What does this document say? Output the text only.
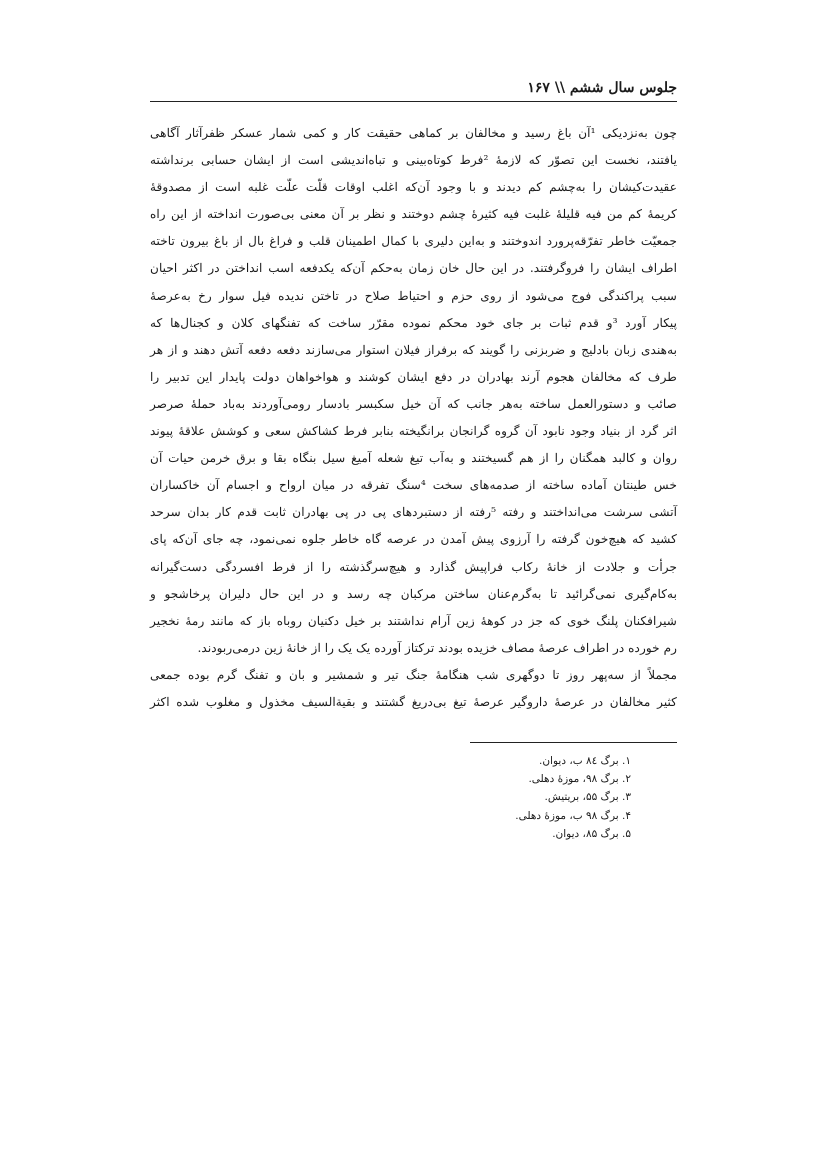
جلوس سال ششم \\ ۱۶۷

چون به‌نزدیکی ¹آن باغ رسید و مخالفان بر کماهی حقیقت کار و کمی شمار عسکر ظفرآثار آگاهی
یافتند، نخست این تصوّر که لازمهٔ ²فرط کوتاه‌بینی و تباه‌اندیشی است از ایشان حسابی برنداشته
عقیدت‌کیشان را به‌چشم کم دیدند و با وجود آن‌که اغلب اوقات قلّت علّت غلبه است از مصدوقهٔ
کریمهٔ کم من فیه قلیلهٔ غلبت فیه کثیرهٔ چشم دوختند و نظر بر آن معنی بی‌صورت انداخته از این راه
جمعیّت خاطر تفرّقه‌پرورد اندوختند و به‌این دلیری با کمال اطمینان قلب و فراغ بال از باغ بیرون تاخته
اطراف ایشان را فروگرفتند. در این حال خان زمان به‌حکم آن‌که یکدفعه اسب انداختن در اکثر احیان
سبب پراکندگی فوج می‌شود از روی حزم و احتیاط صلاح در تاختن ندیده فیل سوار رخ به‌عرصهٔ
پیکار آورد ³و قدم ثبات بر جای خود محکم نموده مقرّر ساخت که تفنگهای کلان و کجنال‌ها که
به‌هندی زبان بادلیج و ضربزنی را گویند که برفراز فیلان استوار می‌سازند دفعه دفعه آتش دهند و از هر
طرف که مخالفان هجوم آرند بهادران در دفع ایشان کوشند و هواخواهان دولت پایدار این تدبیر را
صائب و دستورالعمل ساخته به‌هر جانب که آن خیل سکبسر بادسار رومی‌آوردند به‌باد حملهٔ صرصر
اثر گرد از بنیاد وجود نابود آن گروه گرانجان برانگیخته بنابر فرط کشاکش سعی و کوشش علاقهٔ پیوند
روان و کالبد همگنان را از هم گسیختند و به‌آب تیغ شعله آمیغ سیل بنگاه بقا و برق خرمن حیات آن
خس طینتان آماده ساخته از صدمه‌های سخت ⁴سنگ تفرقه در میان ارواح و اجسام آن خاکساران
آتشی سرشت می‌انداختند و رفته ⁵رفته از دستبردهای پی در پی بهادران ثابت قدم کار بدان سرحد
کشید که هیچ‌خون گرفته را آرزوی پیش آمدن در عرصه گاه خاطر جلوه نمی‌نمود، چه جای آن‌که پای
جرأت و جلادت از خانهٔ رکاب فراپیش گذارد و هیچ‌سرگذشته را از فرط افسردگی دست‌گیرانه
به‌کام‌گیری نمی‌گرائید تا به‌گرم‌عنان ساختن مرکبان چه رسد و در این حال دلیران پرخاشجو و
شیرافکنان پلنگ خوی که جز در کوههٔ زین آرام نداشتند بر خیل دکنیان روباه باز که مانند رمهٔ نخجیر
رم خورده در اطراف عرصهٔ مصاف خزیده بودند ترکتاز آورده یک یک را از خانهٔ زین درمی‌ربودند.

مجملاً از سه‌پهر روز تا دوگهری شب هنگامهٔ جنگ تیر و شمشیر و بان و تفنگ گرم بوده جمعی
کثیر مخالفان در عرصهٔ داروگیر عرصهٔ تیغ بی‌دریغ گشتند و بقیةالسیف مخذول و مغلوب شده اکثر

۱. برگ ۸٤ ب، دیوان.
۲. برگ ۹۸، موزهٔ دهلی.
۳. برگ ۵۵، بریتیش.
۴. برگ ۹۸ ب، موزهٔ دهلی.
۵. برگ ۸۵، دیوان.
